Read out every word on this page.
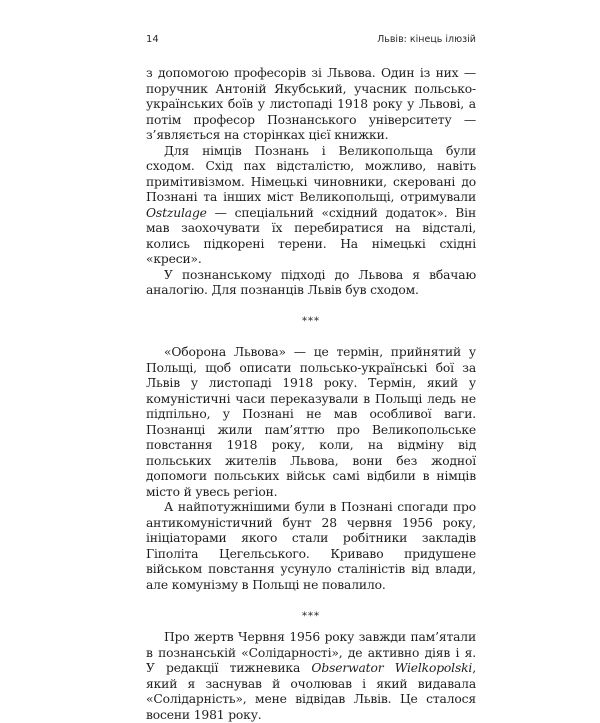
14	Львів: кінець ілюзій

з допомогою професорів зі Львова. Один із них — поручник Антоній Якубський, учасник польсько-українських боїв у листопаді 1918 року у Львові, а потім професор Познанського університету — з’являється на сторінках цієї книжки.

Для німців Познань і Великопольща були сходом. Схід пах відсталістю, можливо, навіть примітивізмом. Німецькі чиновники, скеровані до Познані та інших міст Великопольщі, отримували Ostzulage — спеціальний «східний додаток». Він мав заохочувати їх перебиратися на відсталі, колись підкорені терени. На німецькі східні «креси».

У познанському підході до Львова я вбачаю аналогію. Для познанців Львів був сходом.

***

«Оборона Львова» — це термін, прийнятий у Польщі, щоб описати польсько-українські бої за Львів у листопаді 1918 року. Термін, який у комуністичні часи переказували в Польщі ледь не підпільно, у Познані не мав особливої ваги. Познанці жили пам’яттю про Великопольське повстання 1918 року, коли, на відміну від польських жителів Львова, вони без жодної допомоги польських військ самі відбили в німців місто й увесь регіон.

А найпотужнішими були в Познані спогади про антикомуністичний бунт 28 червня 1956 року, ініціаторами якого стали робітники закладів Гіполіта Цегельського. Криваво придушене військом повстання усунуло сталіністів від влади, але комунізму в Польщі не повалило.

***

Про жертв Червня 1956 року завжди пам’ятали в познанській «Солідарності», де активно діяв і я. У редакції тижневика Obserwator Wielkopolski, який я заснував й очолював і який видавала «Солідарність», мене відвідав Львів. Це сталося восени 1981 року.
